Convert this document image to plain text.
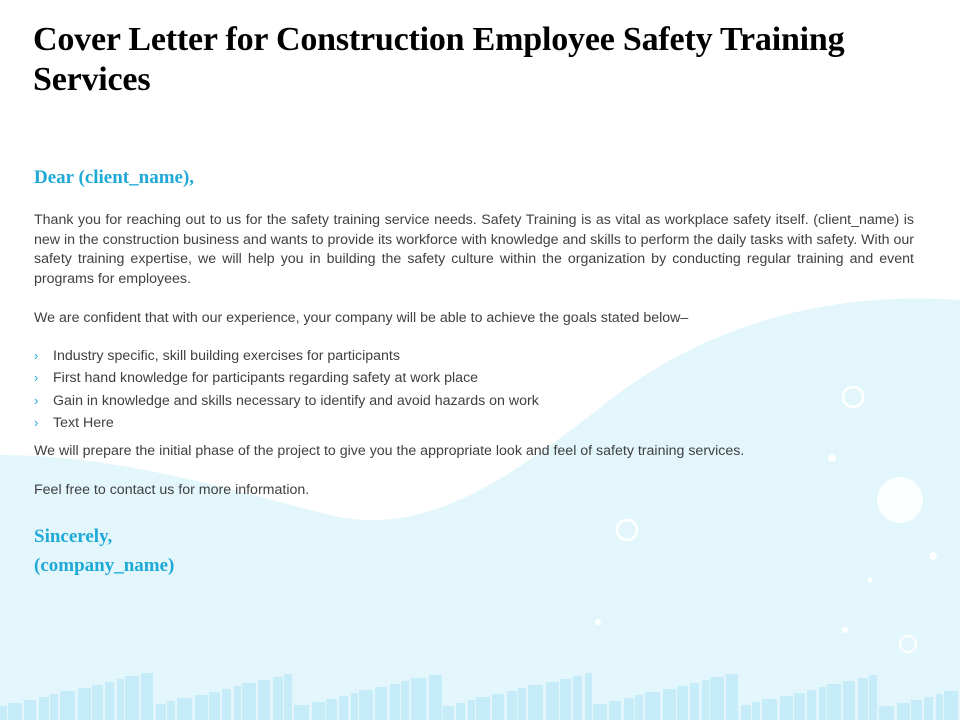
Cover Letter for Construction Employee Safety Training Services

Dear (client_name),

Thank you for reaching out to us for the safety training service needs. Safety Training is as vital as workplace safety itself. (client_name) is new in the construction business and wants to provide its workforce with knowledge and skills to perform the daily tasks with safety. With our safety training expertise, we will help you in building the safety culture within the organization by conducting regular training and event programs for employees.

We are confident that with our experience, your company will be able to achieve the goals stated below–

›	Industry specific, skill building exercises for participants
›	First hand knowledge for participants regarding safety at work place
›	Gain in knowledge and skills necessary to identify and avoid hazards on work
›	Text Here

We will prepare the initial phase of the project to give you the appropriate look and feel of safety training services.

Feel free to contact us for more information.

Sincerely,
(company_name)
